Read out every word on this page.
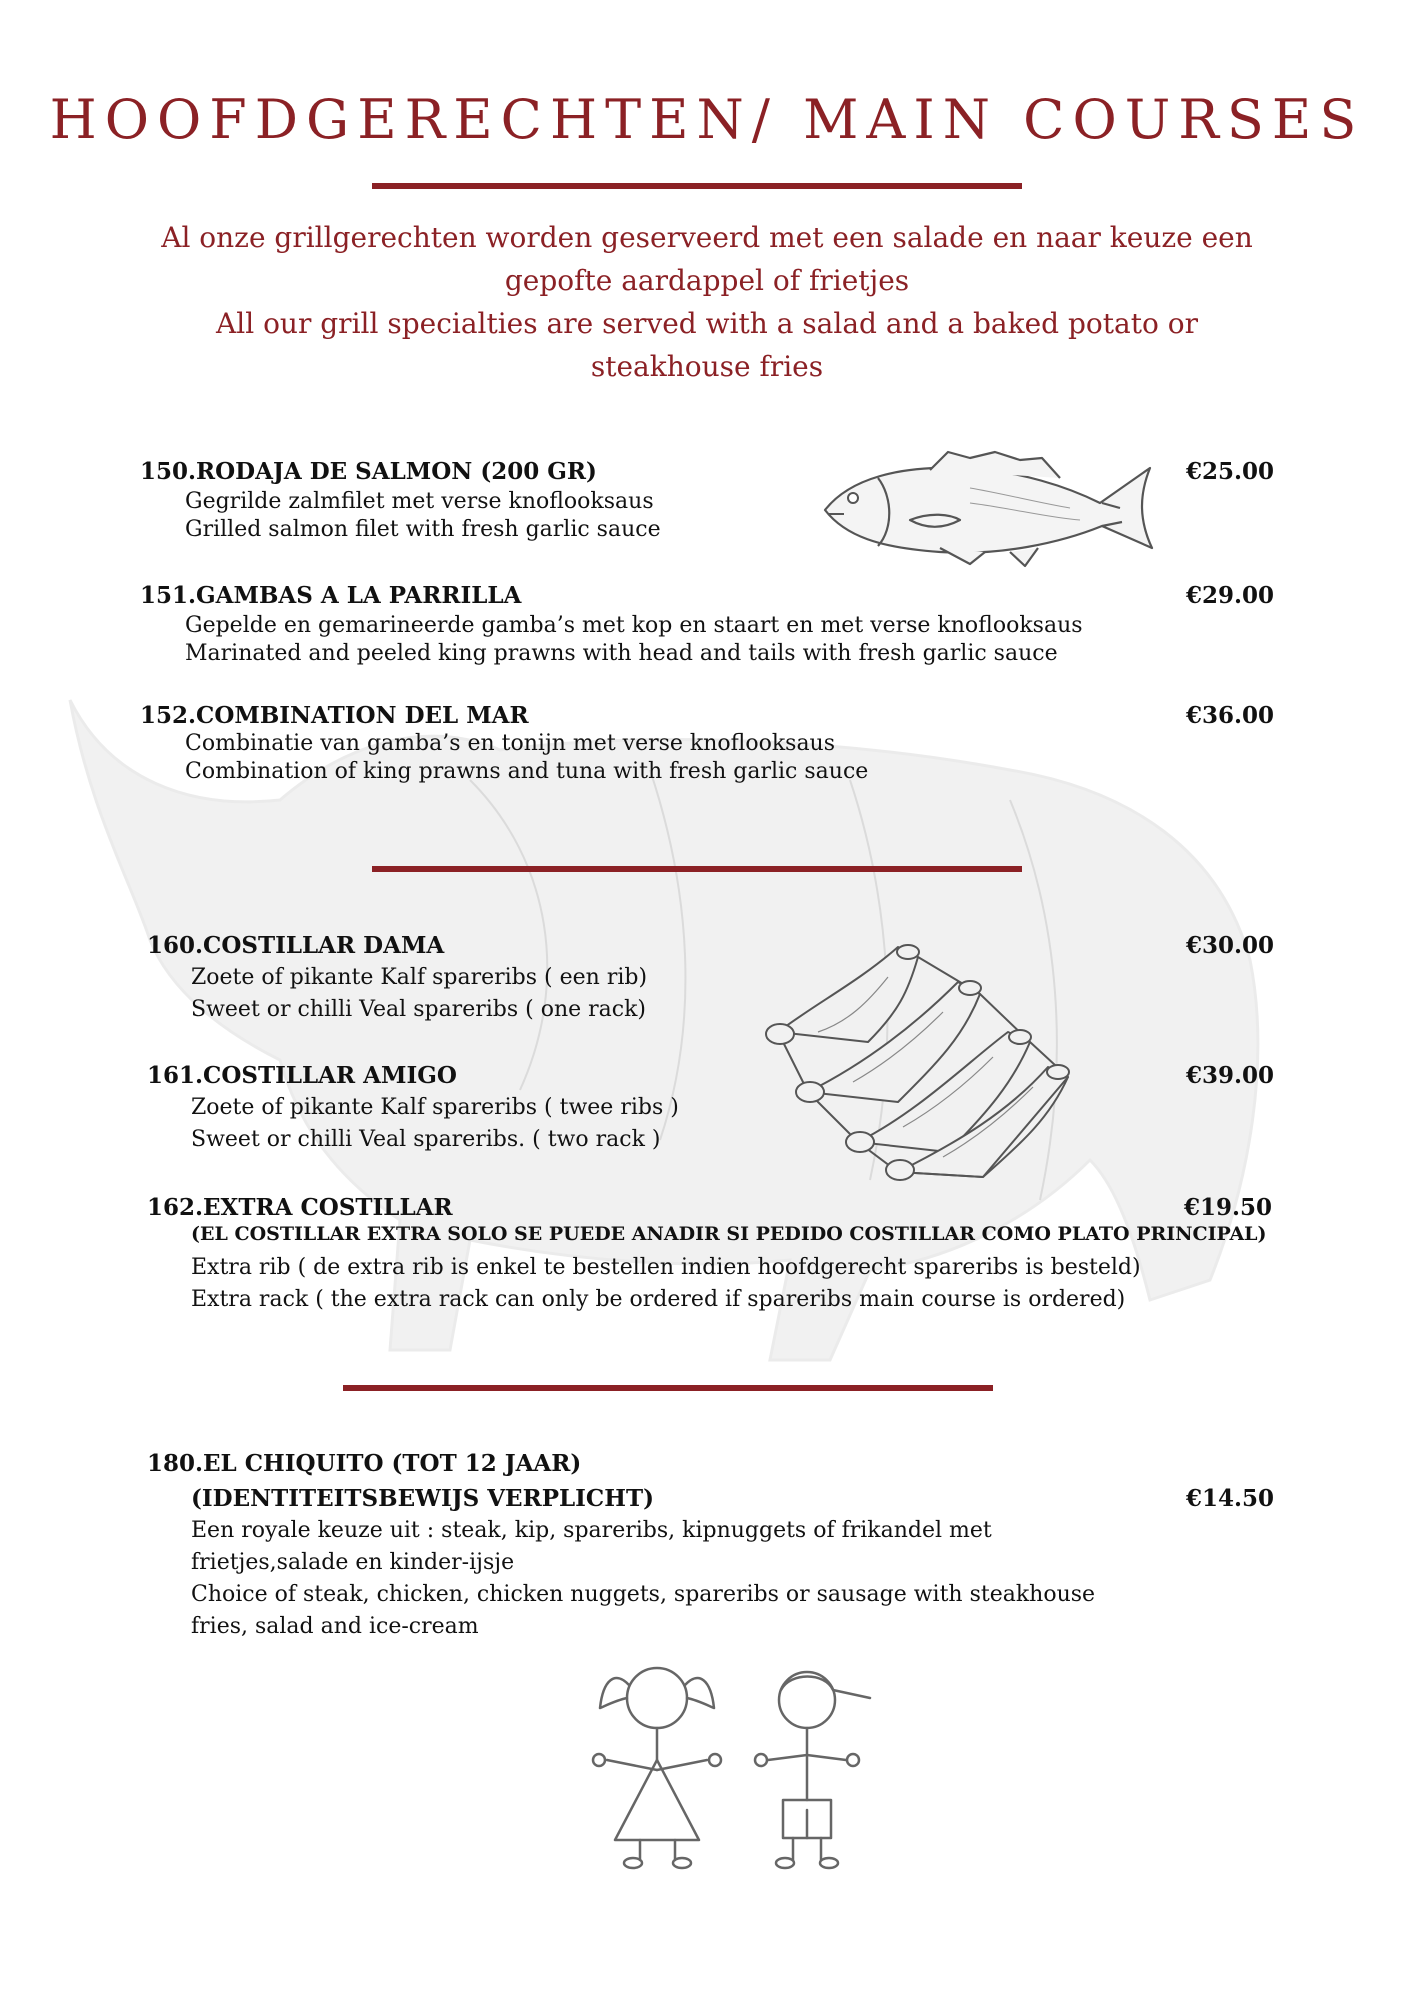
HOOFDGERECHTEN/ MAIN COURSES
Al onze grillgerechten worden geserveerd met een salade en naar keuze een
gepofte aardappel of frietjes
All our grill specialties are served with a salad and a baked potato or
steakhouse fries
150.RODAJA DE SALMON (200 GR)	€25.00
Gegrilde zalmfilet met verse knoflooksaus
Grilled salmon filet with fresh garlic sauce
151.GAMBAS A LA PARRILLA	€29.00
Gepelde en gemarineerde gamba’s met kop en staart en met verse knoflooksaus
Marinated and peeled king prawns with head and tails with fresh garlic sauce
152.COMBINATION DEL MAR	€36.00
Combinatie van gamba’s en tonijn met verse knoflooksaus
Combination of king prawns and tuna with fresh garlic sauce
160.COSTILLAR DAMA	€30.00
Zoete of pikante Kalf spareribs ( een rib)
Sweet or chilli Veal spareribs ( one rack)
161.COSTILLAR AMIGO	€39.00
Zoete of pikante Kalf spareribs ( twee ribs )
Sweet or chilli Veal spareribs. ( two rack )
162.EXTRA COSTILLAR	€19.50
(EL COSTILLAR EXTRA SOLO SE PUEDE ANADIR SI PEDIDO COSTILLAR COMO PLATO PRINCIPAL)
Extra rib ( de extra rib is enkel te bestellen indien hoofdgerecht spareribs is besteld)
Extra rack ( the extra rack can only be ordered if spareribs main course is ordered)
180.EL CHIQUITO (TOT 12 JAAR)
(IDENTITEITSBEWIJS VERPLICHT)	€14.50
Een royale keuze uit : steak, kip, spareribs, kipnuggets of frikandel met frietjes,salade en kinder-ijsje
Choice of steak, chicken, chicken nuggets, spareribs or sausage with steakhouse fries, salad and ice-cream
